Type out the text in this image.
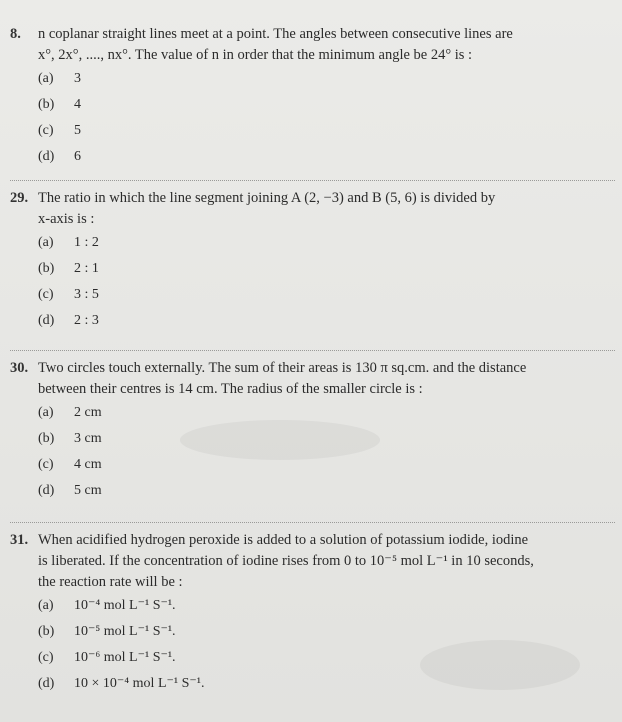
8. n coplanar straight lines meet at a point. The angles between consecutive lines are
x°, 2x°, ...., nx°. The value of n in order that the minimum angle be 24° is :
(a) 3
(b) 4
(c) 5
(d) 6
29. The ratio in which the line segment joining A (2, −3) and B (5, 6) is divided by
x-axis is :
(a) 1 : 2
(b) 2 : 1
(c) 3 : 5
(d) 2 : 3
30. Two circles touch externally. The sum of their areas is 130 π sq.cm. and the distance
between their centres is 14 cm. The radius of the smaller circle is :
(a) 2 cm
(b) 3 cm
(c) 4 cm
(d) 5 cm
31. When acidified hydrogen peroxide is added to a solution of potassium iodide, iodine
is liberated. If the concentration of iodine rises from 0 to 10⁻⁵ mol L⁻¹ in 10 seconds,
the reaction rate will be :
(a) 10⁻⁴ mol L⁻¹ S⁻¹.
(b) 10⁻⁵ mol L⁻¹ S⁻¹.
(c) 10⁻⁶ mol L⁻¹ S⁻¹.
(d) 10 × 10⁻⁴ mol L⁻¹ S⁻¹.
